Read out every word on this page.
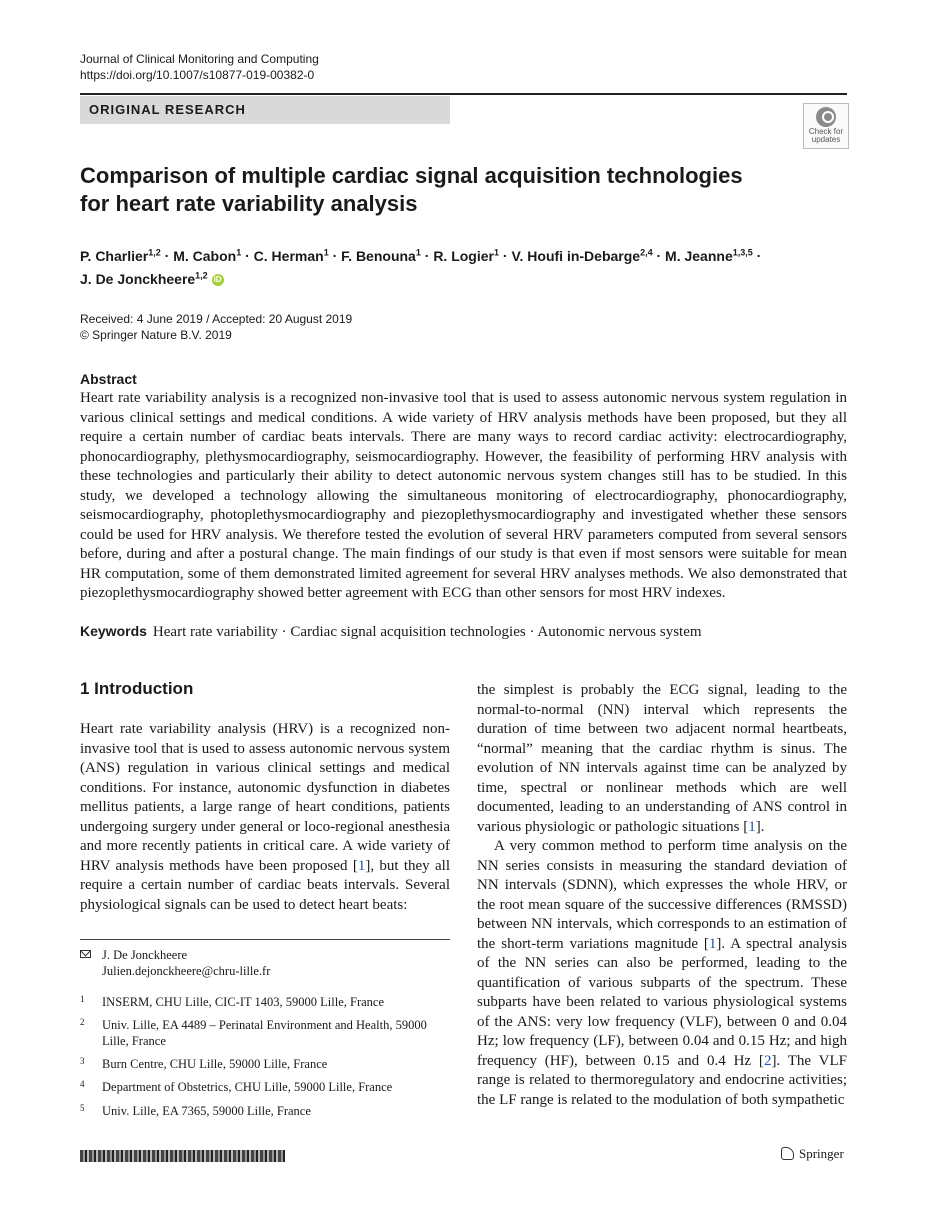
Journal of Clinical Monitoring and Computing
https://doi.org/10.1007/s10877-019-00382-0
ORIGINAL RESEARCH
Check for
updates
Comparison of multiple cardiac signal acquisition technologies
for heart rate variability analysis
P. Charlier$^{1,2}$ · M. Cabon$^1$ · C. Herman$^1$ · F. Benouna$^1$ · R. Logier$^1$ · V. Houfi in-Debarge$^{2,4}$ · M. Jeanne$^{1,3,5}$ ·
J. De Jonckheere$^{1,2}$ iD
Received: 4 June 2019 / Accepted: 20 August 2019
© Springer Nature B.V. 2019
Abstract

Heart rate variability analysis is a recognized non-invasive tool that is used to assess autonomic nervous system regulation in various clinical settings and medical conditions. A wide variety of HRV analysis methods have been proposed, but they all require a certain number of cardiac beats intervals. There are many ways to record cardiac activity: electrocardiography, phonocardiography, plethysmocardiography, seismocardiography. However, the feasibility of performing HRV analysis with these technologies and particularly their ability to detect autonomic nervous system changes still has to be studied. In this study, we developed a technology allowing the simultaneous monitoring of electrocardiography, phonocardiography, seismocardiography, photoplethysmocardiography and piezoplethysmocardiography and investigated whether these sensors could be used for HRV analysis. We therefore tested the evolution of several HRV parameters computed from several sensors before, during and after a postural change. The main findings of our study is that even if most sensors were suitable for mean HR computation, some of them demonstrated limited agreement for several HRV analyses methods. We also demonstrated that piezoplethysmocardiography showed better agreement with ECG than other sensors for most HRV indexes.

Keywords Heart rate variability · Cardiac signal acquisition technologies · Autonomic nervous system
1 Introduction

Heart rate variability analysis (HRV) is a recognized non-invasive tool that is used to assess autonomic nervous system (ANS) regulation in various clinical settings and medical conditions. For instance, autonomic dysfunction in diabetes mellitus patients, a large range of heart conditions, patients undergoing surgery under general or loco-regional anesthesia and more recently patients in critical care. A wide variety of HRV analysis methods have been proposed [1], but they all require a certain number of cardiac beats intervals. Several physiological signals can be used to detect heart beats:

the simplest is probably the ECG signal, leading to the normal-to-normal (NN) interval which represents the duration of time between two adjacent normal heartbeats, “normal” meaning that the cardiac rhythm is sinus. The evolution of NN intervals against time can be analyzed by time, spectral or nonlinear methods which are well documented, leading to an understanding of ANS control in various physiologic or pathologic situations [1].

A very common method to perform time analysis on the NN series consists in measuring the standard deviation of NN intervals (SDNN), which expresses the whole HRV, or the root mean square of the successive differences (RMSSD) between NN intervals, which corresponds to an estimation of the short-term variations magnitude [1]. A spectral analysis of the NN series can also be performed, leading to the quantification of various subparts of the spectrum. These subparts have been related to various physiological systems of the ANS: very low frequency (VLF), between 0 and 0.04 Hz; low frequency (LF), between 0.04 and 0.15 Hz; and high frequency (HF), between 0.15 and 0.4 Hz [2]. The VLF range is related to thermoregulatory and endocrine activities; the LF range is related to the modulation of both sympathetic

J. De Jonckheere
Julien.dejonckheere@chru-lille.fr
1 INSERM, CHU Lille, CIC-IT 1403, 59000 Lille, France
2 Univ. Lille, EA 4489 – Perinatal Environment and Health, 59000 Lille, France
3 Burn Centre, CHU Lille, 59000 Lille, France
4 Department of Obstetrics, CHU Lille, 59000 Lille, France
5 Univ. Lille, EA 7365, 59000 Lille, France
Springer
